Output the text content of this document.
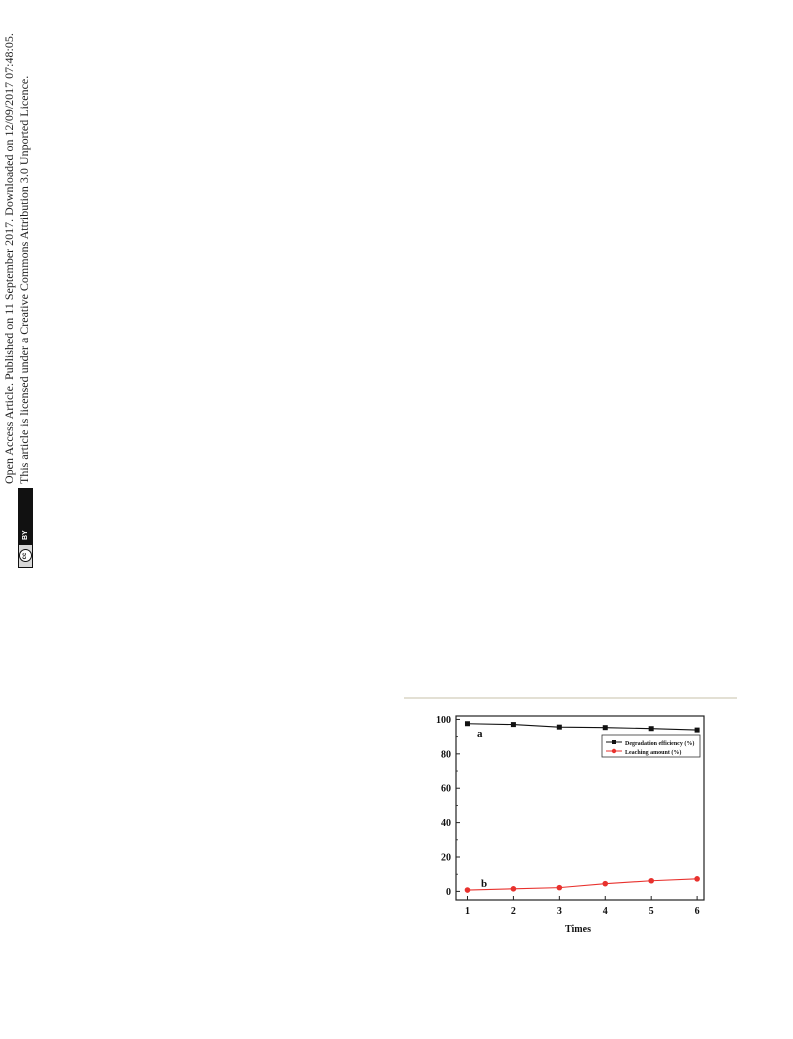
Open Access Article. Published on 11 September 2017. Downloaded on 12/09/2017 07:48:05. This article is licensed under a Creative Commons Attribution 3.0 Unported Licence.
cc
BY
0
20
40
60
80
100
1	2	3	4	5	6
a
b
Degradation efficiency (%)
Leaching amount (%)
Times
